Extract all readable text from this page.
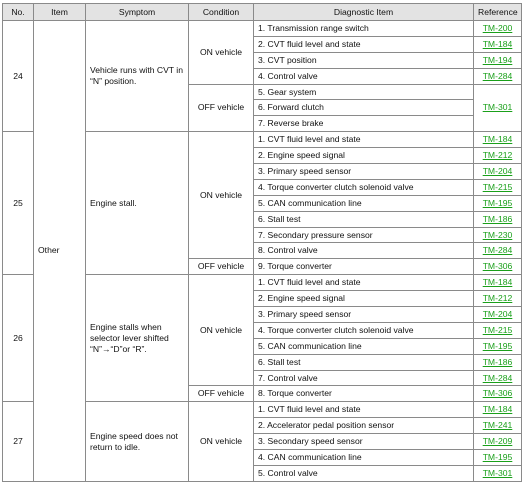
No.	Item	Symptom	Condition	Diagnostic Item	Reference
24	Other	Vehicle runs with CVT in “N” position.	ON vehicle	1. Transmission range switch	TM-200
				2. CVT fluid level and state	TM-184
				3. CVT position	TM-194
				4. Control valve	TM-284
			OFF vehicle	5. Gear system	TM-301
				6. Forward clutch	
				7. Reverse brake	
25		Engine stall.	ON vehicle	1. CVT fluid level and state	TM-184
				2. Engine speed signal	TM-212
				3. Primary speed sensor	TM-204
				4. Torque converter clutch solenoid valve	TM-215
				5. CAN communication line	TM-195
				6. Stall test	TM-186
				7. Secondary pressure sensor	TM-230
				8. Control valve	TM-284
			OFF vehicle	9. Torque converter	TM-306
26		Engine stalls when selector lever shifted “N”→“D”or “R”.	ON vehicle	1. CVT fluid level and state	TM-184
				2. Engine speed signal	TM-212
				3. Primary speed sensor	TM-204
				4. Torque converter clutch solenoid valve	TM-215
				5. CAN communication line	TM-195
				6. Stall test	TM-186
				7. Control valve	TM-284
			OFF vehicle	8. Torque converter	TM-306
27		Engine speed does not return to idle.	ON vehicle	1. CVT fluid level and state	TM-184
				2. Accelerator pedal position sensor	TM-241
				3. Secondary speed sensor	TM-209
				4. CAN communication line	TM-195
				5. Control valve	TM-301
